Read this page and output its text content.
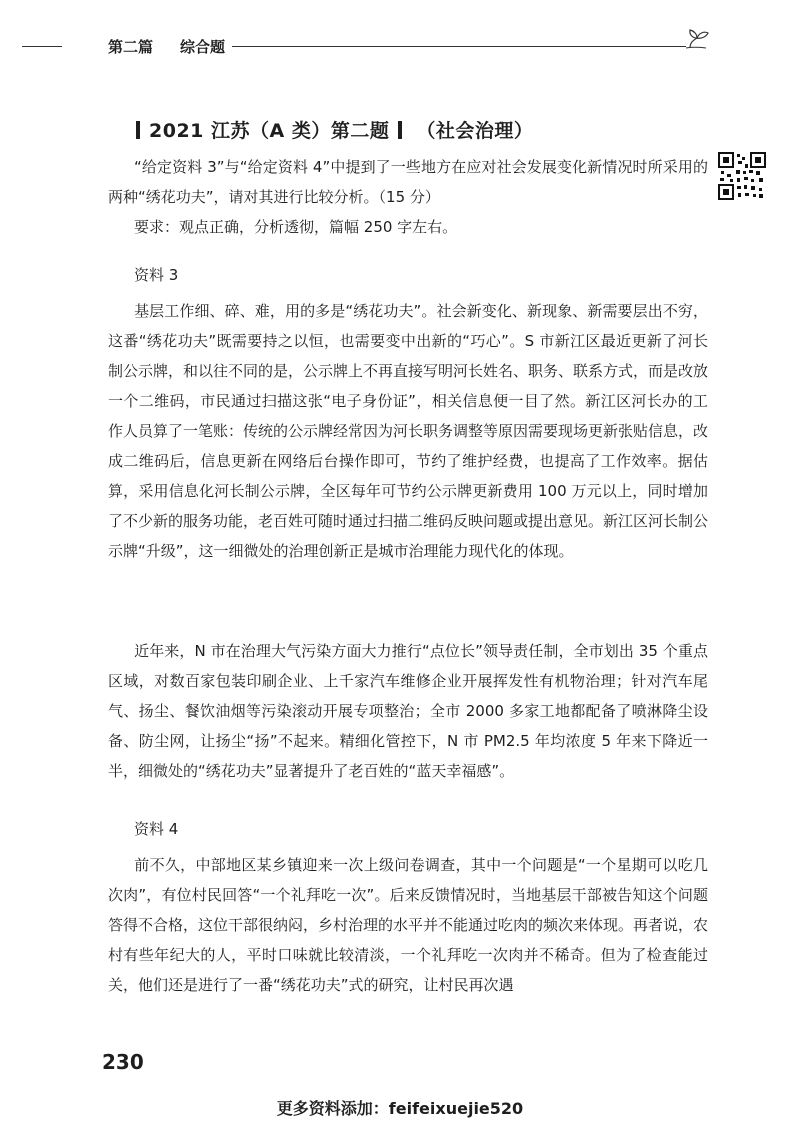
第二篇 综合题
2021 江苏（A 类）第二题 （社会治理）
“给定资料 3”与“给定资料 4”中提到了一些地方在应对社会发展变化新情况时所采用的两种“绣花功夫”，请对其进行比较分析。（15 分）
要求：观点正确，分析透彻，篇幅 250 字左右。
资料 3
基层工作细、碎、难，用的多是“绣花功夫”。社会新变化、新现象、新需要层出不穷，这番“绣花功夫”既需要持之以恒，也需要变中出新的“巧心”。S 市新江区最近更新了河长制公示牌，和以往不同的是，公示牌上不再直接写明河长姓名、职务、联系方式，而是改放一个二维码，市民通过扫描这张“电子身份证”，相关信息便一目了然。新江区河长办的工作人员算了一笔账：传统的公示牌经常因为河长职务调整等原因需要现场更新张贴信息，改成二维码后，信息更新在网络后台操作即可，节约了维护经费，也提高了工作效率。据估算，采用信息化河长制公示牌，全区每年可节约公示牌更新费用 100 万元以上，同时增加了不少新的服务功能，老百姓可随时通过扫描二维码反映问题或提出意见。新江区河长制公示牌“升级”，这一细微处的治理创新正是城市治理能力现代化的体现。
近年来，N 市在治理大气污染方面大力推行“点位长”领导责任制，全市划出 35 个重点区域，对数百家包装印刷企业、上千家汽车维修企业开展挥发性有机物治理；针对汽车尾气、扬尘、餐饮油烟等污染滚动开展专项整治；全市 2000 多家工地都配备了喷淋降尘设备、防尘网，让扬尘“扬”不起来。精细化管控下，N 市 PM2.5 年均浓度 5 年来下降近一半，细微处的“绣花功夫”显著提升了老百姓的“蓝天幸福感”。
资料 4
前不久，中部地区某乡镇迎来一次上级问卷调查，其中一个问题是“一个星期可以吃几次肉”，有位村民回答“一个礼拜吃一次”。后来反馈情况时，当地基层干部被告知这个问题答得不合格，这位干部很纳闷，乡村治理的水平并不能通过吃肉的频次来体现。再者说，农村有些年纪大的人，平时口味就比较清淡，一个礼拜吃一次肉并不稀奇。但为了检查能过关，他们还是进行了一番“绣花功夫”式的研究，让村民再次遇
230
更多资料添加：feifeixuejie520
